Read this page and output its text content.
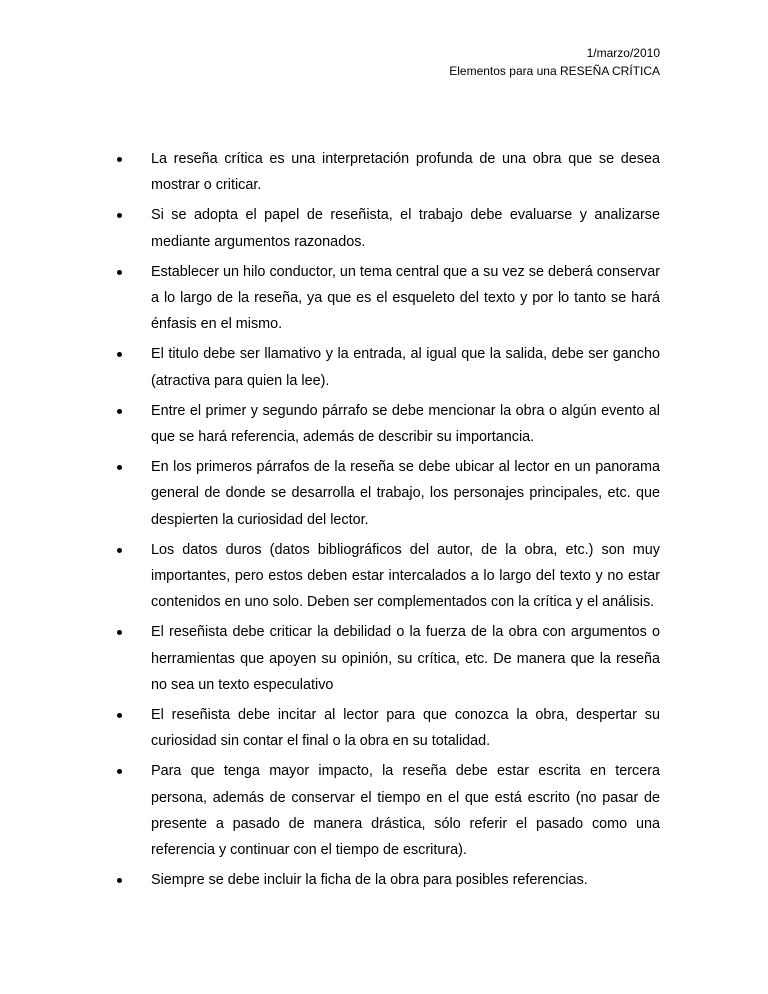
1/marzo/2010
Elementos para una RESEÑA CRÍTICA
La reseña crítica es una interpretación profunda de una obra que se desea mostrar o criticar.
Si se adopta el papel de reseñista, el trabajo debe evaluarse y analizarse mediante argumentos razonados.
Establecer un hilo conductor, un tema central que a su vez se deberá conservar a lo largo de la reseña, ya que es el esqueleto del texto y por lo tanto se hará énfasis en el mismo.
El titulo debe ser llamativo y la entrada, al igual que la salida, debe ser gancho (atractiva para quien la lee).
Entre el primer y segundo párrafo se debe mencionar la obra o algún evento al que se hará referencia, además de describir su importancia.
En los primeros párrafos de la reseña se debe ubicar al lector en un panorama general de donde se desarrolla el trabajo, los personajes principales, etc. que despierten la curiosidad del lector.
Los datos duros (datos bibliográficos del autor, de la obra, etc.) son muy importantes, pero estos deben estar intercalados a lo largo del texto y no estar contenidos en uno solo. Deben ser complementados con la crítica y el análisis.
El reseñista debe criticar la debilidad o la fuerza de la obra con argumentos o herramientas que apoyen su opinión, su crítica, etc. De manera que la reseña no sea un texto especulativo
El reseñista debe incitar al lector para que conozca la obra, despertar su curiosidad sin contar el final o la obra en su totalidad.
Para que tenga mayor impacto, la reseña debe estar escrita en tercera persona, además de conservar el tiempo en el que está escrito (no pasar de presente a pasado de manera drástica, sólo referir el pasado como una referencia y continuar con el tiempo de escritura).
Siempre se debe incluir la ficha de la obra para posibles referencias.
